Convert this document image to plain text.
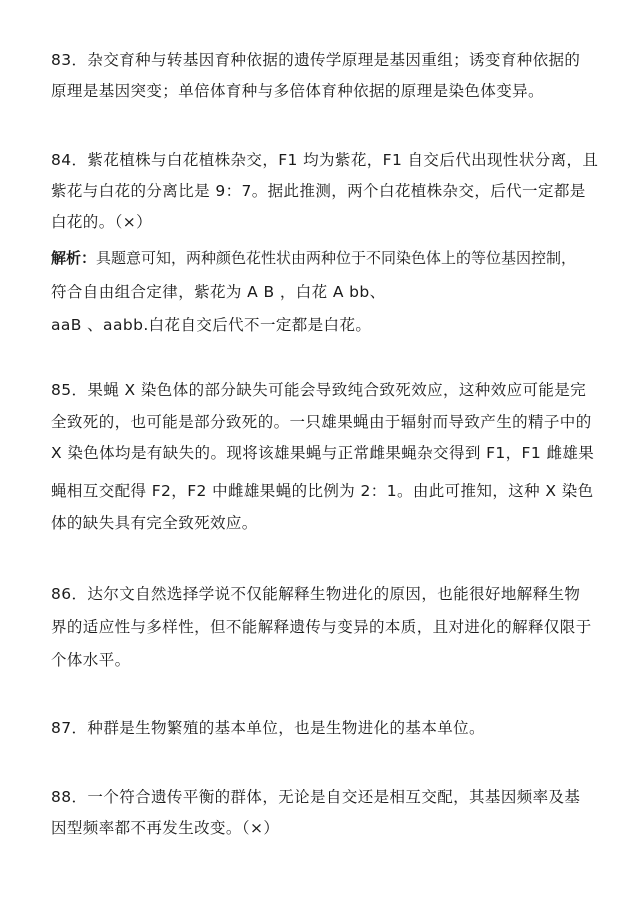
83．杂交育种与转基因育种依据的遗传学原理是基因重组；诱变育种依据的
原理是基因突变；单倍体育种与多倍体育种依据的原理是染色体变异。
84．紫花植株与白花植株杂交，F1 均为紫花，F1 自交后代出现性状分离，且
紫花与白花的分离比是 9：7。据此推测，两个白花植株杂交，后代一定都是
白花的。（×）
解析：具题意可知，两种颜色花性状由两种位于不同染色体上的等位基因控制，
符合自由组合定律，紫花为 A B ，白花 A bb、
aaB 、aabb.白花自交后代不一定都是白花。
85．果蝇 X 染色体的部分缺失可能会导致纯合致死效应，这种效应可能是完
全致死的，也可能是部分致死的。一只雄果蝇由于辐射而导致产生的精子中的
X 染色体均是有缺失的。现将该雄果蝇与正常雌果蝇杂交得到 F1，F1 雌雄果
蝇相互交配得 F2，F2 中雌雄果蝇的比例为 2：1。由此可推知，这种 X 染色
体的缺失具有完全致死效应。
86．达尔文自然选择学说不仅能解释生物进化的原因，也能很好地解释生物
界的适应性与多样性，但不能解释遗传与变异的本质，且对进化的解释仅限于
个体水平。
87．种群是生物繁殖的基本单位，也是生物进化的基本单位。
88．一个符合遗传平衡的群体，无论是自交还是相互交配，其基因频率及基
因型频率都不再发生改变。（×）
